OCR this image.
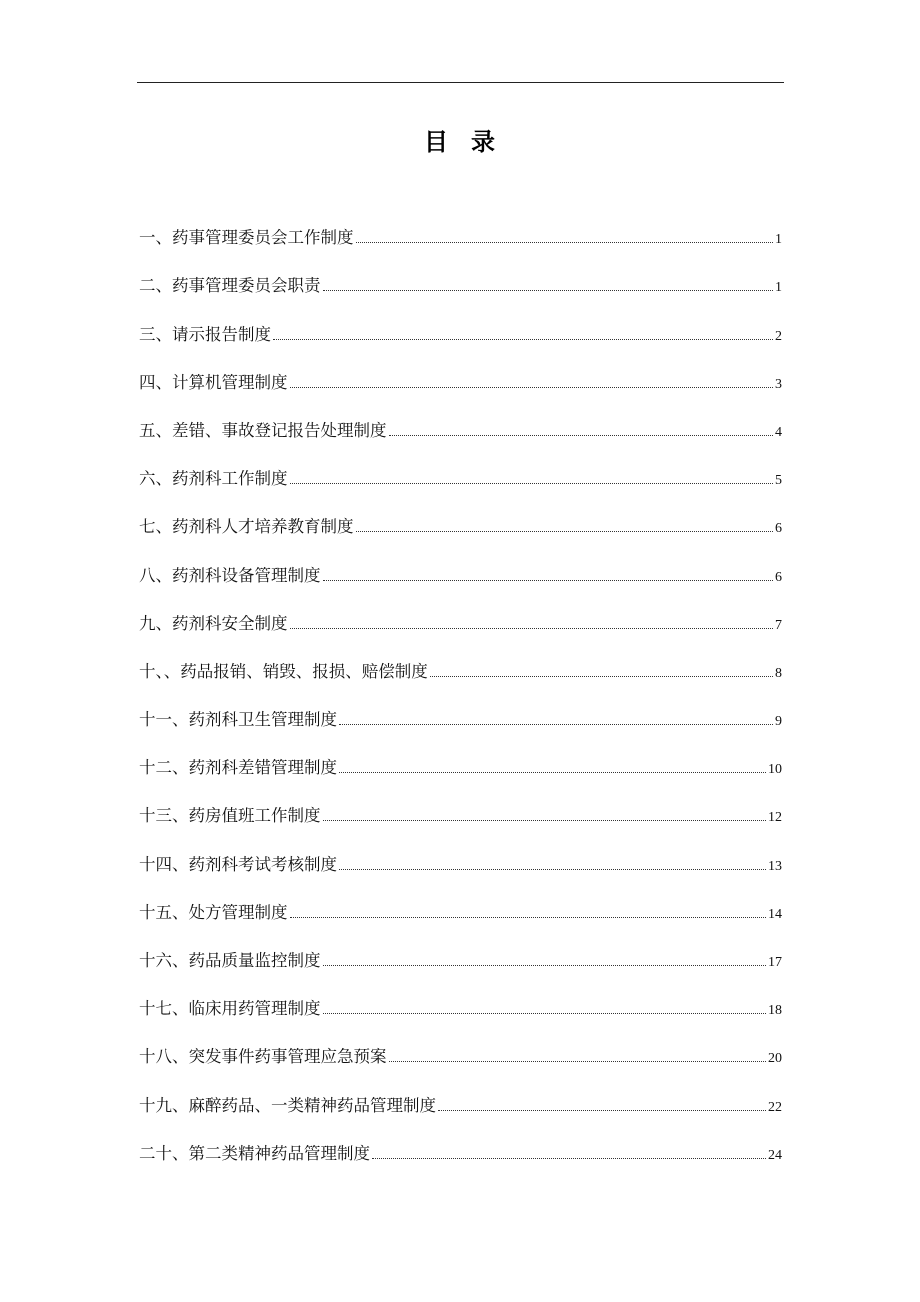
目 录
一、药事管理委员会工作制度	1
二、药事管理委员会职责	1
三、请示报告制度	2
四、计算机管理制度	3
五、差错、事故登记报告处理制度	4
六、药剂科工作制度	5
七、药剂科人才培养教育制度	6
八、药剂科设备管理制度	6
九、药剂科安全制度	7
十、、药品报销、销毁、报损、赔偿制度	8
十一、药剂科卫生管理制度	9
十二、药剂科差错管理制度	10
十三、药房值班工作制度	12
十四、药剂科考试考核制度	13
十五、处方管理制度	14
十六、药品质量监控制度	17
十七、临床用药管理制度	18
十八、突发事件药事管理应急预案	20
十九、麻醉药品、一类精神药品管理制度	22
二十、第二类精神药品管理制度	24
